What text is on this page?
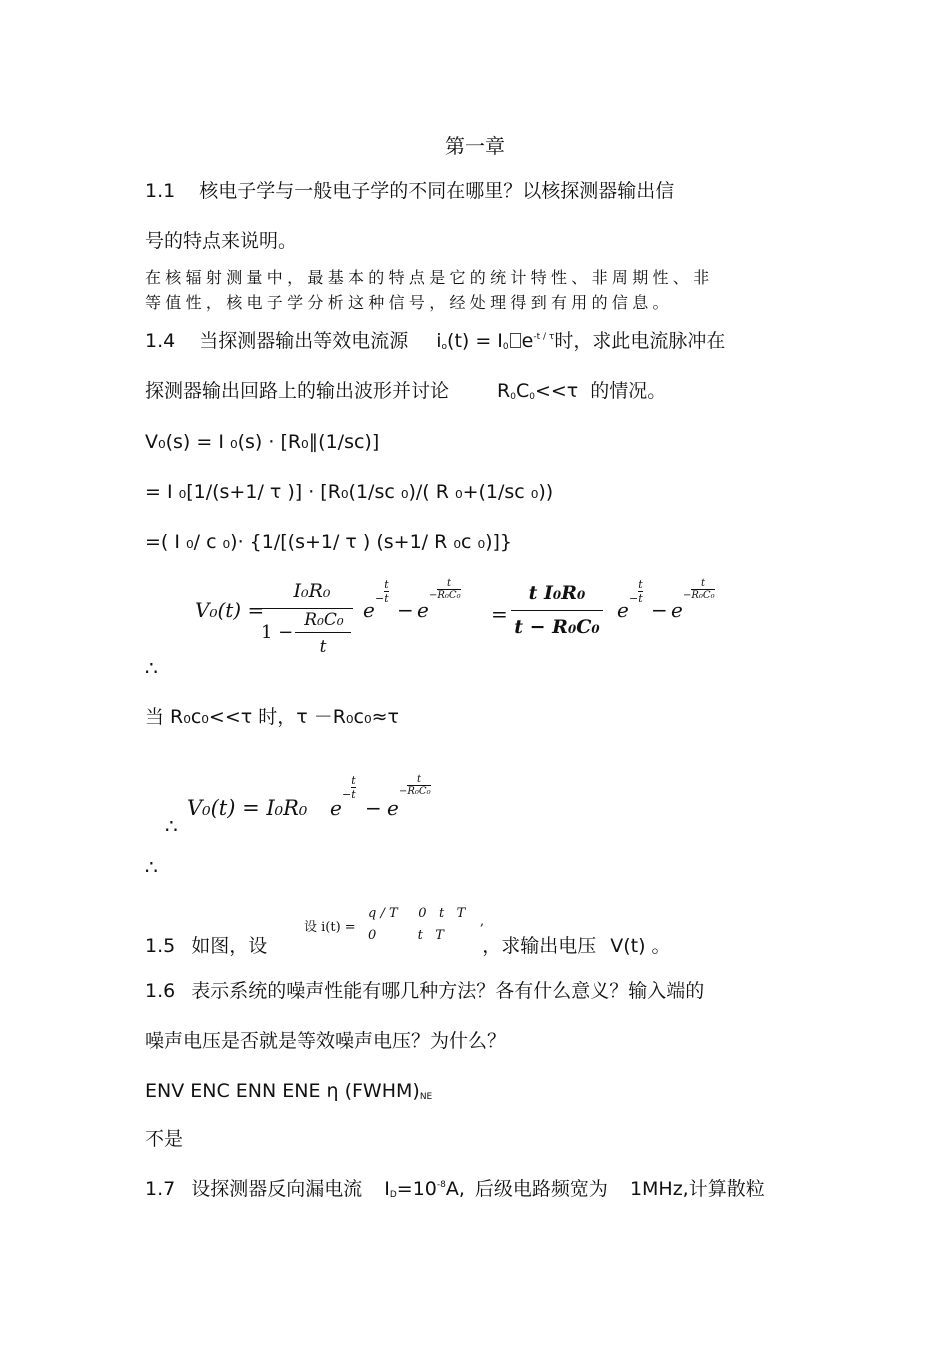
第一章
1.1 核电子学与一般电子学的不同在哪里？以核探测器输出信
号的特点来说明。
在核辐射测量中，最基本的特点是它的统计特性、非周期性、非
等值性，核电子学分析这种信号，经处理得到有用的信息。
1.4 当探测器输出等效电流源 $i_o(t) = I_0$ $e^{-t / \tau}$时，求此电流脉冲在
探测器输出回路上的输出波形并讨论	$R_0C_0<<\tau$ 的情况。
V₀(s) = I ₀(s) · [R₀∥(1/sc)]
= I ₀[1/(s+1/ τ )] · [R₀(1/sc ₀)/( R ₀+(1/sc ₀))
=( I ₀/ c ₀)· {1/[(s+1/ τ ) (s+1/ R ₀c ₀)]}
V₀(t) =
I₀R₀
1 −
R₀C₀
t
$e -\frac{t}{t}$
− e
$-\frac{t}{\text{R₀C₀}}$
=
t I₀R₀
t − R₀C₀
$e -\frac{t}{t}$
− e
$-\frac{t}{\text{R₀C₀}}$
∴
当 R₀c₀<<τ 时，τ －R₀c₀≈τ
∴
V₀(t) = I₀R₀ e
$-\frac{t}{t}$
− e
$-\frac{t}{\text{R₀C₀}}$
∴
设 i(t) =
q / T     0   t   T
0          t   T
,
1.5 如图，设	，求输出电压 V(t) 。
1.6 表示系统的噪声性能有哪几种方法？各有什么意义？输入端的
噪声电压是否就是等效噪声电压？为什么？
ENV ENC ENN ENE η $(FWHM)_{NE}$
不是
1.7 设探测器反向漏电流 $I_D=10^{-8}A$, 后级电路频宽为 1MHz,计算散粒
